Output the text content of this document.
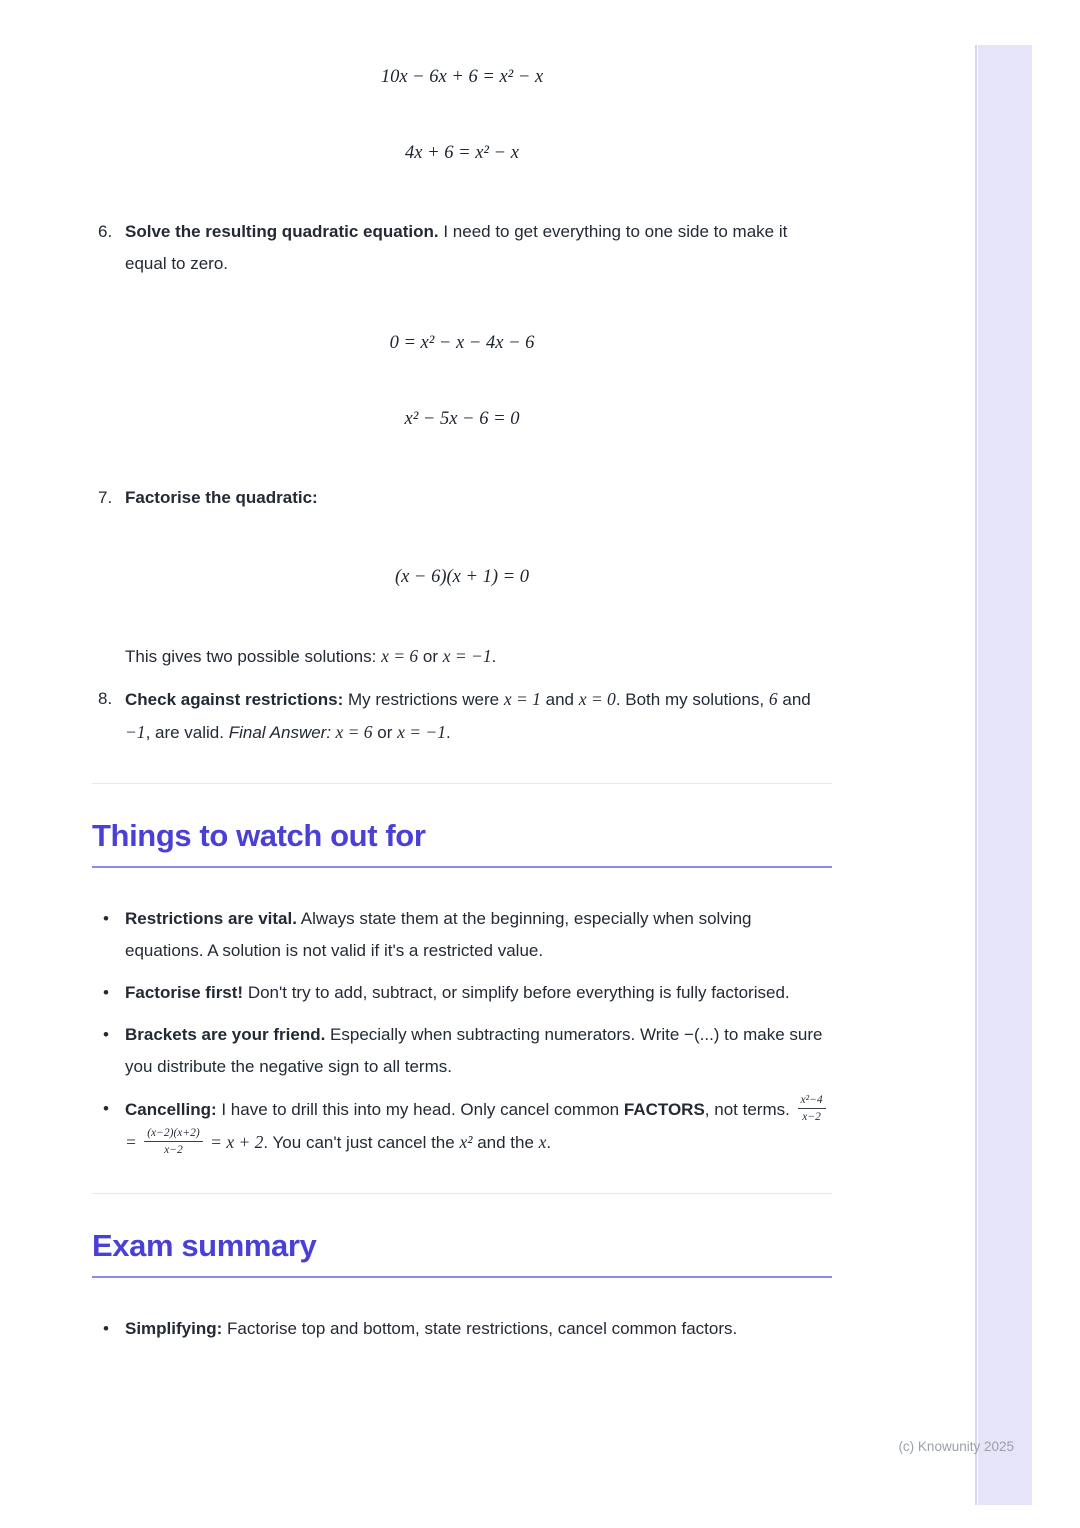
10x − 6x + 6 = x² − x
4x + 6 = x² − x
6. Solve the resulting quadratic equation. I need to get everything to one side to make it equal to zero.
0 = x² − x − 4x − 6
x² − 5x − 6 = 0
7. Factorise the quadratic:
(x − 6)(x + 1) = 0

This gives two possible solutions: x = 6 or x = −1.

8. Check against restrictions: My restrictions were x = 1 and x = 0. Both my solutions, 6 and −1, are valid. Final Answer: x = 6 or x = −1.
Things to watch out for
• Restrictions are vital. Always state them at the beginning, especially when solving equations. A solution is not valid if it's a restricted value.
• Factorise first! Don't try to add, subtract, or simplify before everything is fully factorised.
• Brackets are your friend. Especially when subtracting numerators. Write −(...) to make sure you distribute the negative sign to all terms.
• Cancelling: I have to drill this into my head. Only cancel common FACTORS, not terms. $\frac{\text{x²−4}}{x-2}$
= $\frac{(x-2)(x+2)}{x-2} = x + 2$. You can't just cancel the x² and the x.
Exam summary
• Simplifying: Factorise top and bottom, state restrictions, cancel common factors.
(c) Knowunity 2025
